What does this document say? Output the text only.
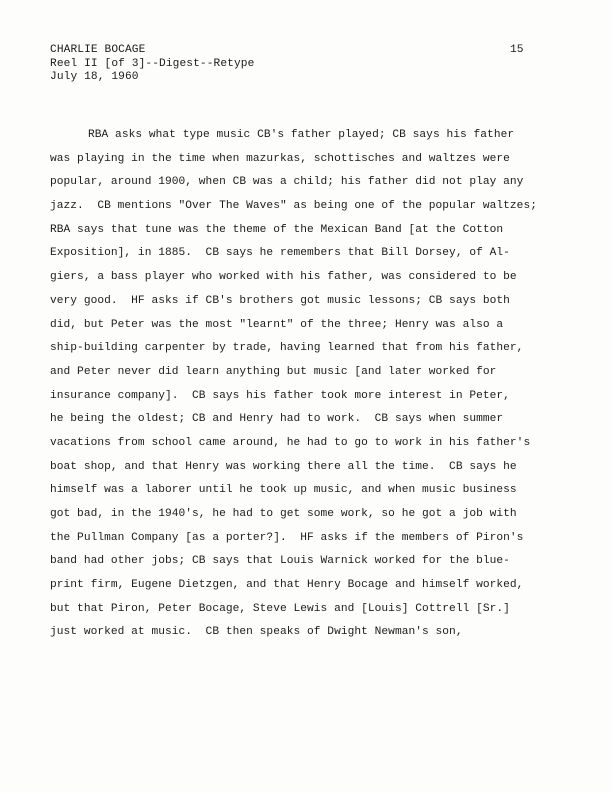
CHARLIE BOCAGE
Reel II [of 3]--Digest--Retype
July 18, 1960
15
RBA asks what type music CB's father played; CB says his father
was playing in the time when mazurkas, schottisches and waltzes were
popular, around 1900, when CB was a child; his father did not play any
jazz.  CB mentions "Over The Waves" as being one of the popular waltzes;
RBA says that tune was the theme of the Mexican Band [at the Cotton
Exposition], in 1885.  CB says he remembers that Bill Dorsey, of Al-
giers, a bass player who worked with his father, was considered to be
very good.  HF asks if CB's brothers got music lessons; CB says both
did, but Peter was the most "learnt" of the three; Henry was also a
ship-building carpenter by trade, having learned that from his father,
and Peter never did learn anything but music [and later worked for
insurance company].  CB says his father took more interest in Peter,
he being the oldest; CB and Henry had to work.  CB says when summer
vacations from school came around, he had to go to work in his father's
boat shop, and that Henry was working there all the time.  CB says he
himself was a laborer until he took up music, and when music business
got bad, in the 1940's, he had to get some work, so he got a job with
the Pullman Company [as a porter?].  HF asks if the members of Piron's
band had other jobs; CB says that Louis Warnick worked for the blue-
print firm, Eugene Dietzgen, and that Henry Bocage and himself worked,
but that Piron, Peter Bocage, Steve Lewis and [Louis] Cottrell [Sr.]
just worked at music.  CB then speaks of Dwight Newman's son,
